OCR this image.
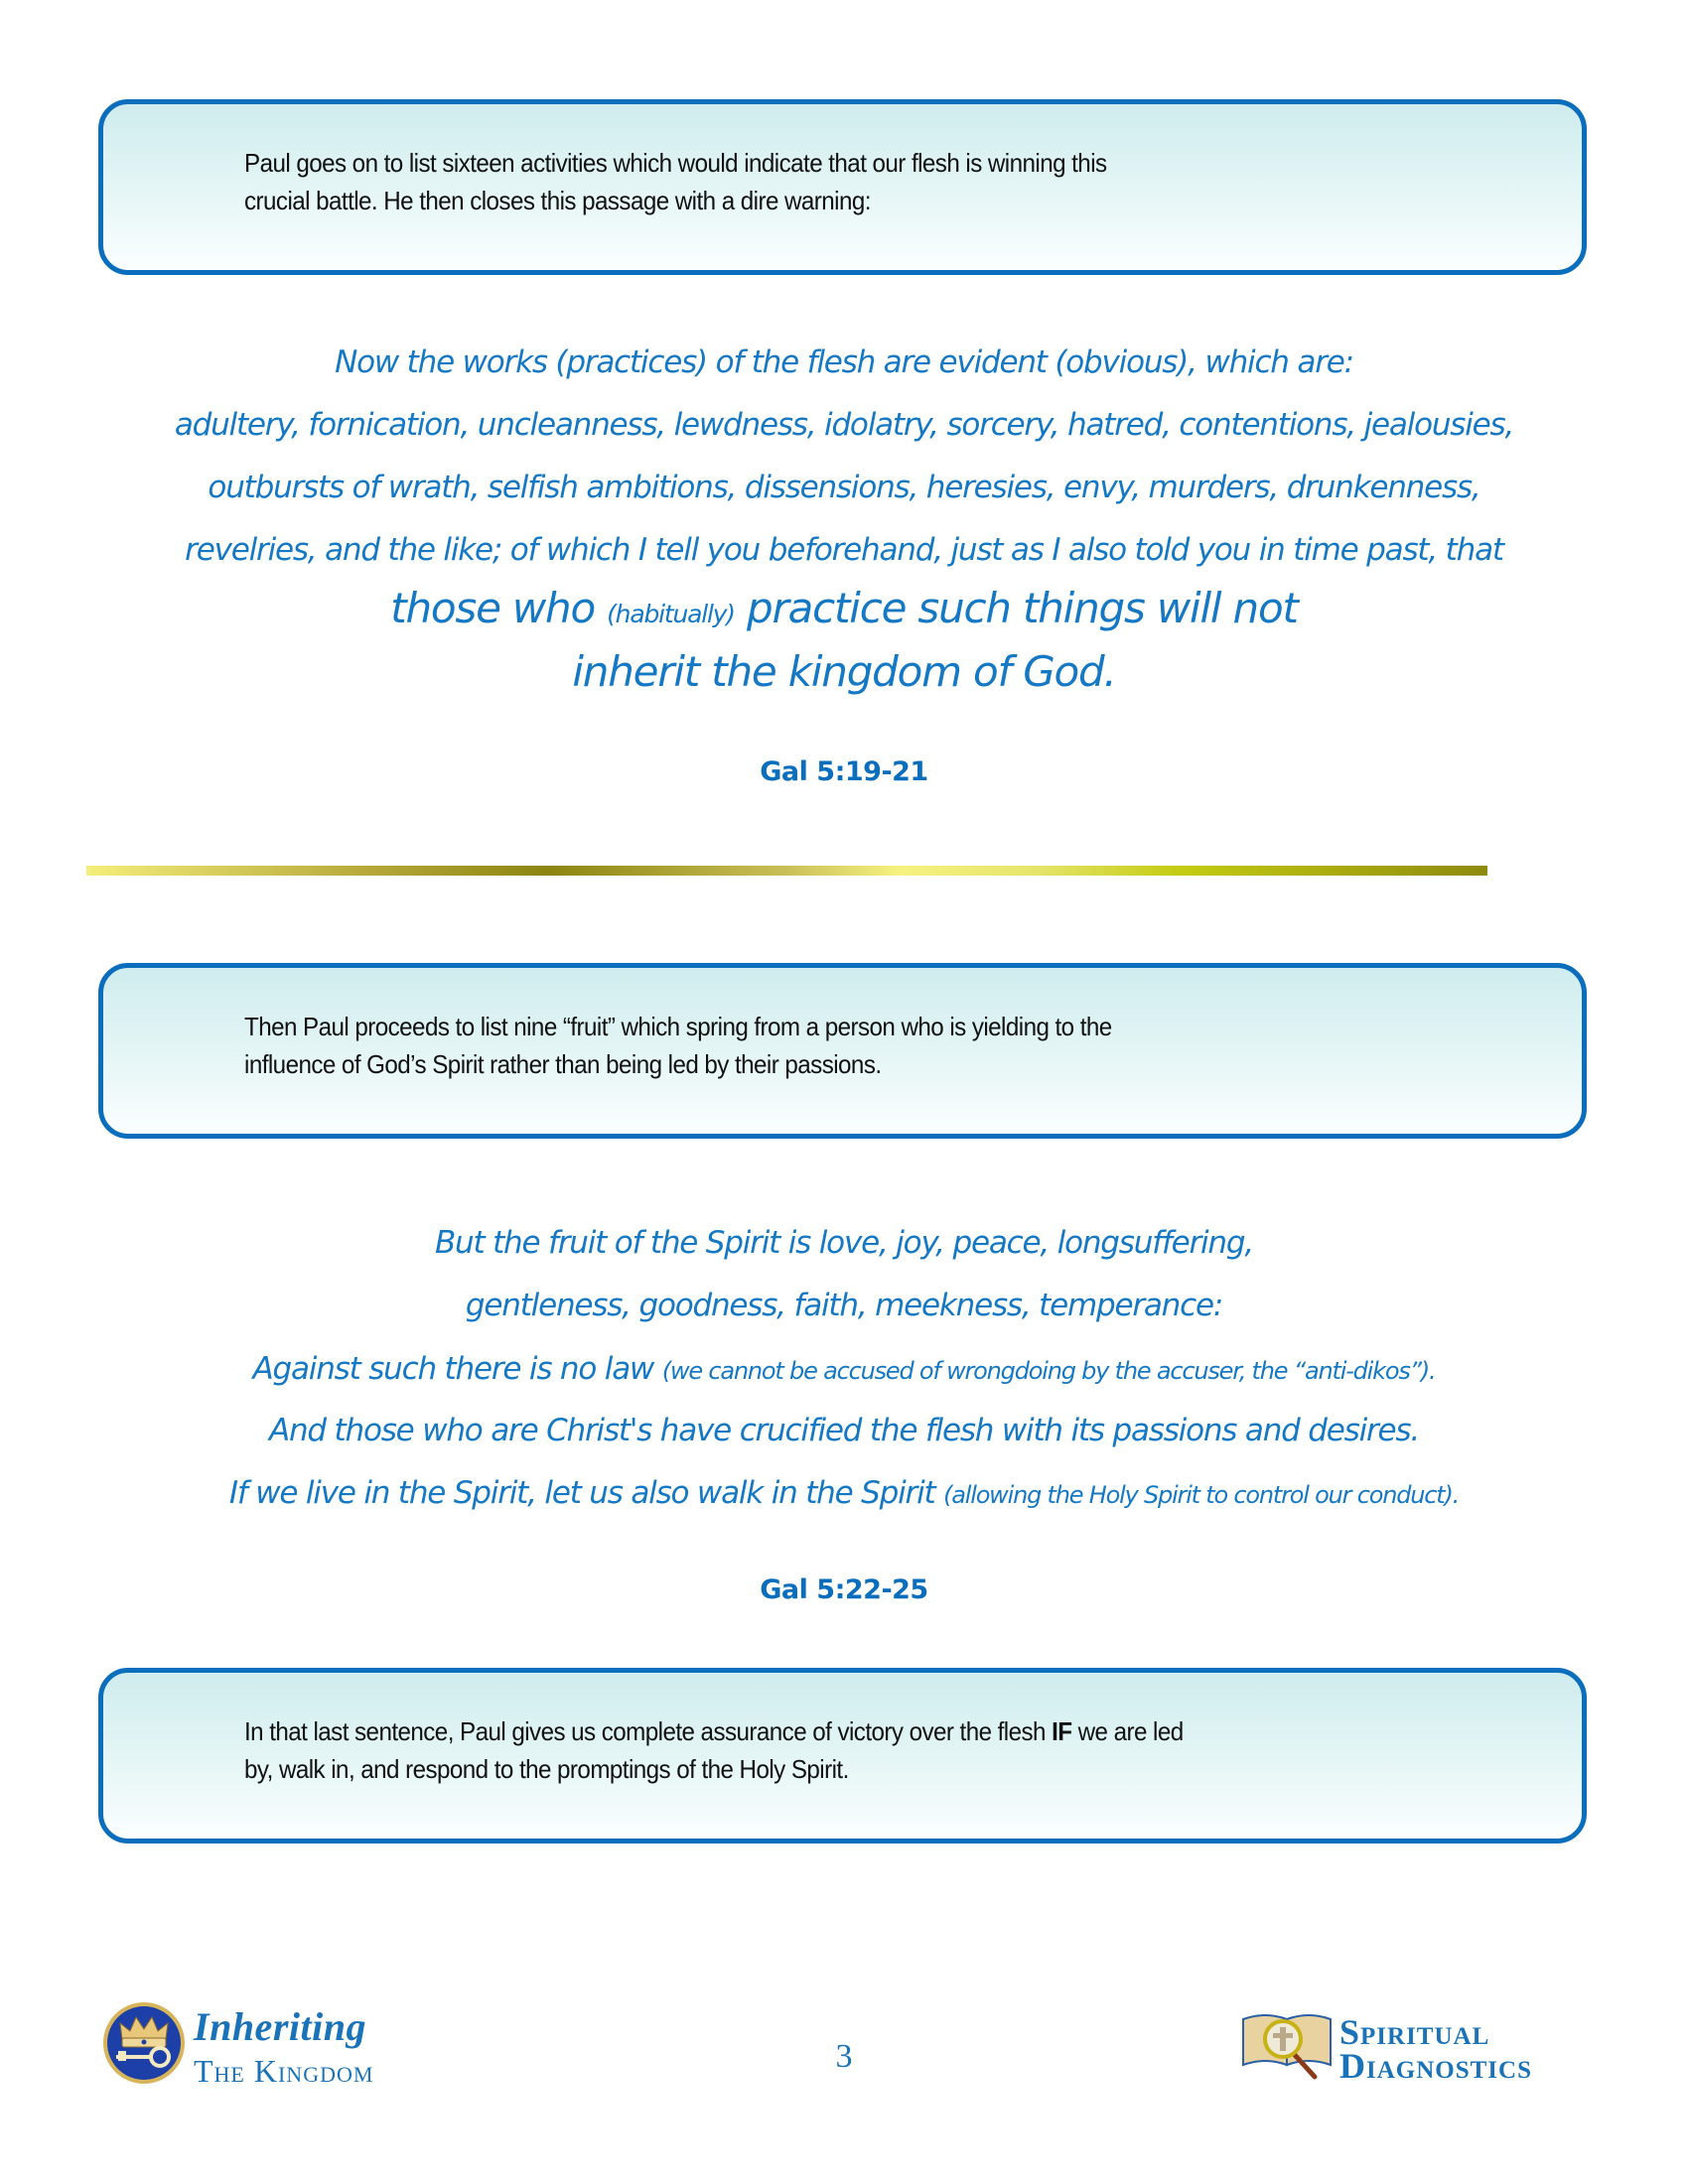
Paul goes on to list sixteen activities which would indicate that our flesh is winning this
crucial battle. He then closes this passage with a dire warning:
Now the works (practices) of the flesh are evident (obvious), which are:
adultery, fornication, uncleanness, lewdness, idolatry, sorcery, hatred, contentions, jealousies,
outbursts of wrath, selfish ambitions, dissensions, heresies, envy, murders, drunkenness,
revelries, and the like; of which I tell you beforehand, just as I also told you in time past, that
those who (habitually) practice such things will not
inherit the kingdom of God.
Gal 5:19-21
Then Paul proceeds to list nine “fruit” which spring from a person who is yielding to the
influence of God’s Spirit rather than being led by their passions.
But the fruit of the Spirit is love, joy, peace, longsuffering,
gentleness, goodness, faith, meekness, temperance:
Against such there is no law (we cannot be accused of wrongdoing by the accuser, the “anti-dikos”).
And those who are Christ's have crucified the flesh with its passions and desires.
If we live in the Spirit, let us also walk in the Spirit (allowing the Holy Spirit to control our conduct).
Gal 5:22-25
In that last sentence, Paul gives us complete assurance of victory over the flesh IF we are led
by, walk in, and respond to the promptings of the Holy Spirit.
Inheriting
The Kingdom	3
Spiritual
Diagnostics
